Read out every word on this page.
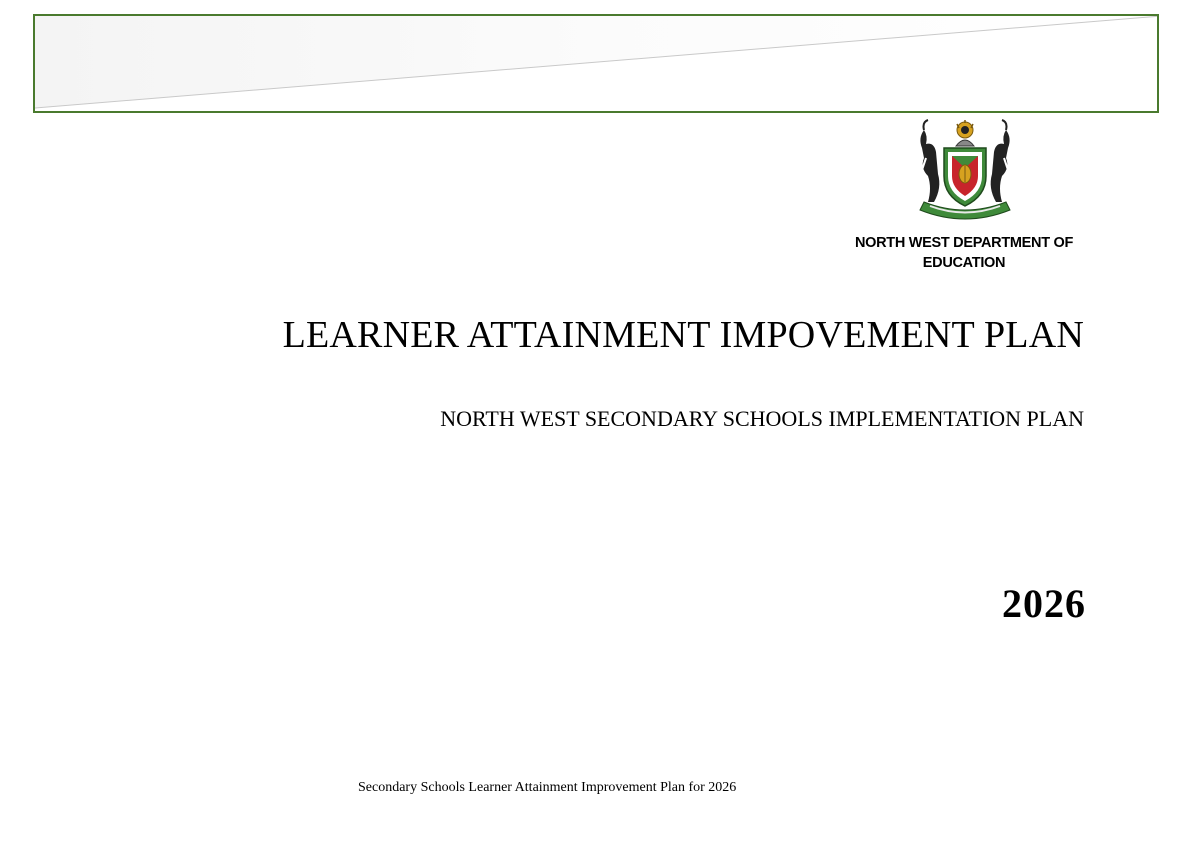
NORTH WEST DEPARTMENT OF EDUCATION
LEARNER ATTAINMENT IMPOVEMENT PLAN
NORTH WEST SECONDARY SCHOOLS IMPLEMENTATION PLAN
2026
Secondary Schools Learner Attainment Improvement Plan for 2026
